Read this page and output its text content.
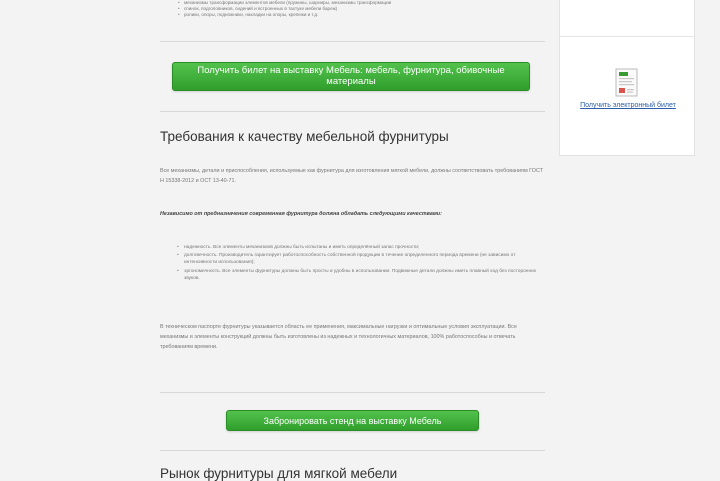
• механизмы трансформации элементов мебели (пружины, шарниры, механизмы трансформации
• спинок, подголовников, сидений и встроенных в тахтуке мебели бареж)
• ролики, опоры, подножники, накладки на опоры, крепежи и т.д.
Получить билет на выставку Мебель: мебель, фурнитура, обивочные материалы
Требования к качеству мебельной фурнитуры

Все механизмы, детали и приспособления, используемые как фурнитура для изготовления мягкой мебели, должны соответствовать требованиям ГОСТ Н 15338-2012 и ОСТ 13-40-71.

Независимо от предназначения современная фурнитура должна обладать следующими качествами:

• надежность. Все элементы механизмов должны быть испытаны и иметь определённый запас прочности;
• долговечность. Производитель гарантирует работоспособность собственной продукции в течение определенного периода времени (не зависимо от интенсивности использования);
• эргономичность. Все элементы фурнитуры должны быть просты и удобны в использовании. Подвижные детали должны иметь плавный ход без посторонних звуков.

В техническом паспорте фурнитуры указывается область ее применения, максимальные нагрузки и оптимальные условия эксплуатации. Все механизмы и элементы конструкций должны быть изготовлены из надежных и технологичных материалов, 100% работоспособны и отвечать требованиям времени.

Забронировать стенд на выставку Мебель
Рынок фурнитуры для мягкой мебели
Получить электронный билет
